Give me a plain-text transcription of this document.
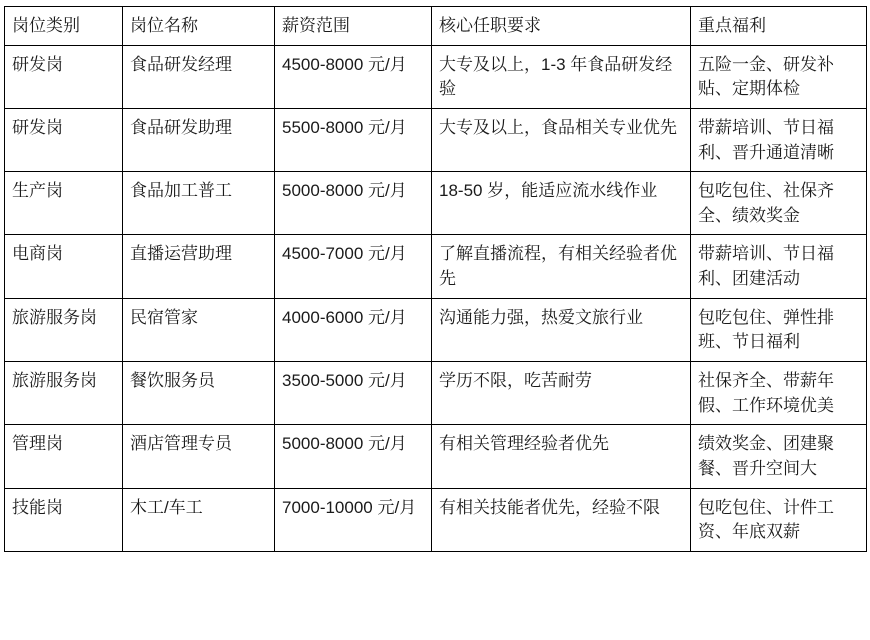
岗位类别	岗位名称	薪资范围	核心任职要求	重点福利

研发岗	食品研发经理	4500-8000 元/月	大专及以上，1-3 年食品研发经验	五险一金、研发补贴、定期体检

研发岗	食品研发助理	5500-8000 元/月	大专及以上，食品相关专业优先	带薪培训、节日福利、晋升通道清晰

生产岗	食品加工普工	5000-8000 元/月	18-50 岁，能适应流水线作业	包吃包住、社保齐全、绩效奖金

电商岗	直播运营助理	4500-7000 元/月	了解直播流程，有相关经验者优先	带薪培训、节日福利、团建活动

旅游服务岗	民宿管家	4000-6000 元/月	沟通能力强，热爱文旅行业	包吃包住、弹性排班、节日福利

旅游服务岗	餐饮服务员	3500-5000 元/月	学历不限，吃苦耐劳	社保齐全、带薪年假、工作环境优美

管理岗	酒店管理专员	5000-8000 元/月	有相关管理经验者优先	绩效奖金、团建聚餐、晋升空间大

技能岗	木工/车工	7000-10000 元/月	有相关技能者优先，经验不限	包吃包住、计件工资、年底双薪
